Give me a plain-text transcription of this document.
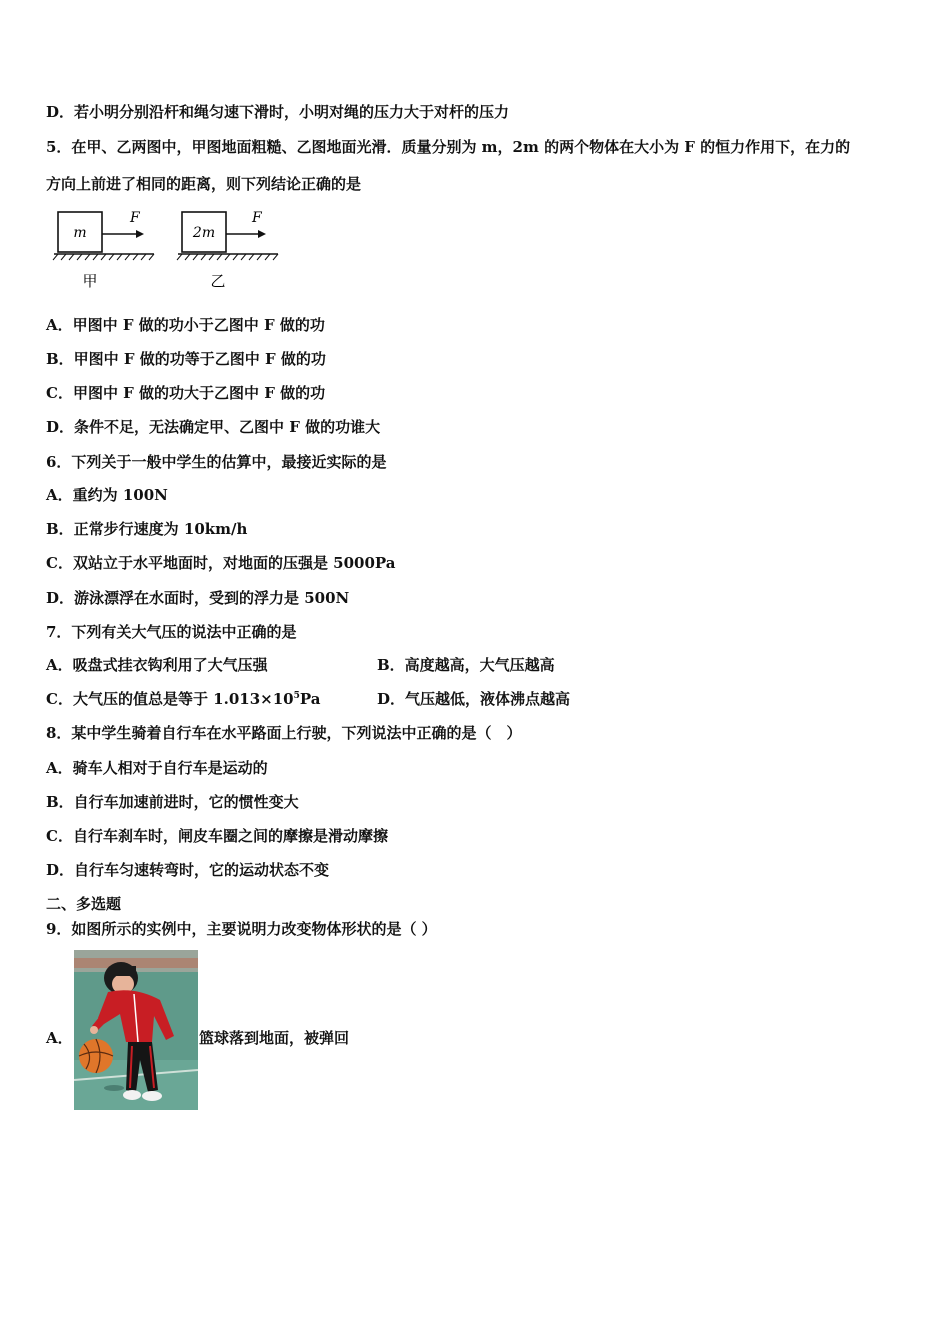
D．若小明分别沿杆和绳匀速下滑时，小明对绳的压力大于对杆的压力
5．在甲、乙两图中，甲图地面粗糙、乙图地面光滑．质量分别为 m，2m 的两个物体在大小为 F 的恒力作用下，在力的
方向上前进了相同的距离，则下列结论正确的是
m
F
甲
2m
F
乙
A．甲图中 F 做的功小于乙图中 F 做的功
B．甲图中 F 做的功等于乙图中 F 做的功
C．甲图中 F 做的功大于乙图中 F 做的功
D．条件不足，无法确定甲、乙图中 F 做的功谁大
6．下列关于一般中学生的估算中，最接近实际的是
A．重约为 100N
B．正常步行速度为 10km/h
C．双站立于水平地面时，对地面的压强是 5000Pa
D．游泳漂浮在水面时，受到的浮力是 500N
7．下列有关大气压的说法中正确的是
A．吸盘式挂衣钩利用了大气压强	B．高度越高，大气压越高
C．大气压的值总是等于 $1.013\times 10^5Pa$	D．气压越低，液体沸点越高
8．某中学生骑着自行车在水平路面上行驶，下列说法中正确的是（　）
A．骑车人相对于自行车是运动的
B．自行车加速前进时，它的惯性变大
C．自行车刹车时，闸皮车圈之间的摩擦是滑动摩擦
D．自行车匀速转弯时，它的运动状态不变
二、多选题
9．如图所示的实例中，主要说明力改变物体形状的是（ ）
A．	篮球落到地面，被弹回
